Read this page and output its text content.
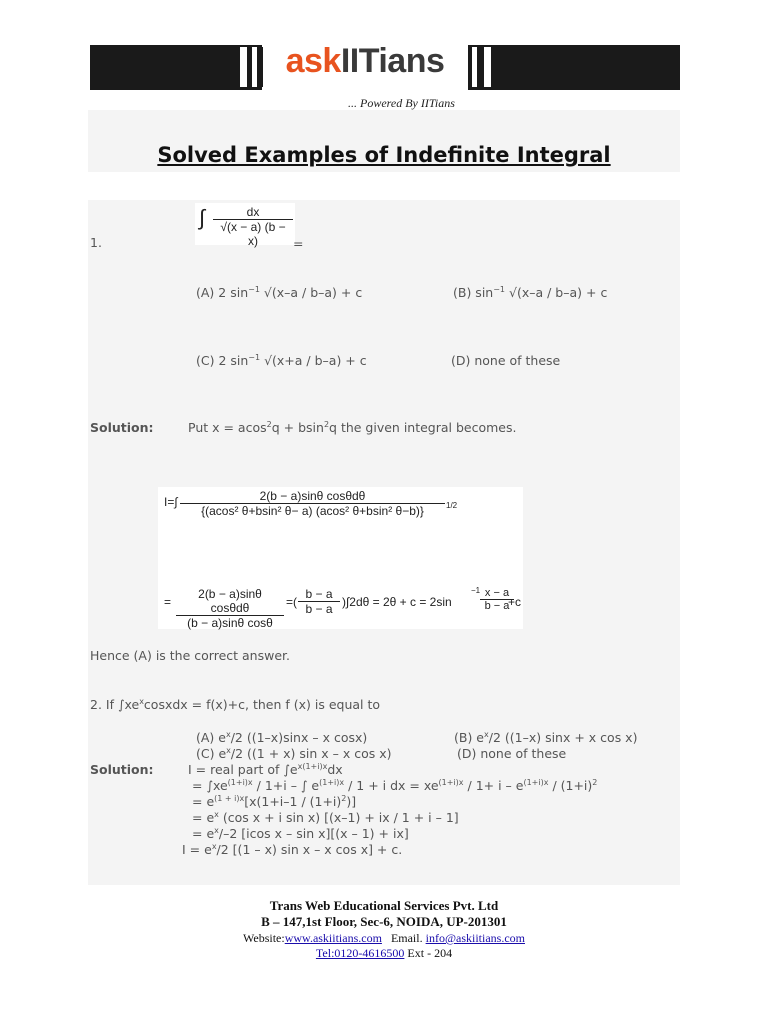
askIITians
... Powered By IITians
Solved Examples of Indefinite Integral
1.
∫ $\frac{dx}{√(x - a) (b - x)}$ =
(A) 2 $\sin^{-1} √(x-a / b-a) + c$	(B) $\sin^{-1} √(x-a / b-a) + c$
(C) 2 $\sin^{-1} √(x+a / b-a) + c$	(D) none of these
Solution:	Put x = acos$^2$q + bsin$^2$q the given integral becomes.
$I=\int \frac{\text{2(b − a)sinθ cosθdθ}}{\text{\{(acos² θ+bsin² θ− a) (acos² θ+bsin² θ−b)\}}} 1/2$
= $\frac{\text{2(b − a)sinθ cosθdθ}}{\text{(b − a)sinθ cosθ}}$ =( $\frac{b - a}{b - a} )\int 2d\theta = 2\theta + c = 2\sin$
$-1 \frac{x - a}{b - a}$
+c
Hence (A) is the correct answer.
2. If $\int xe^xcosxdx = f(x)+c$, then f (x) is equal to
(A) $e^x/2$ ((1–x)sinx – x cosx)	(B) $e^x/2$ ((1–x) sinx + x cos x)
(C) $e^x/2$ ((1 + x) sin x – x cos x)	(D) none of these
Solution:	I = real part of $\int e^{x(1+i)x}dx$
= $\int xe^{(1+i)x} / 1+i$ – ∫ $e^{(1+i)x} / 1 + i$ dx = $xe^{(1+i)x} / 1+ i - e^{(1+i)x} / (1+i)^2$
= $e^{(1 + i)x}[x(1+i-1 / (1+i)^2)]$
= $e^x$ (cos x + i sin x) [(x–1) + ix / 1 + i – 1]
= $e^x/-2$ [icos x – sin x][(x – 1) + ix]
$I = e^x/2$ [(1 – x) sin x – x cos x] + c.
Trans Web Educational Services Pvt. Ltd
B – 147,1st Floor, Sec-6, NOIDA, UP-201301
Website:www.askiitians.com Email. info@askiitians.com
Tel:0120-4616500 Ext - 204
